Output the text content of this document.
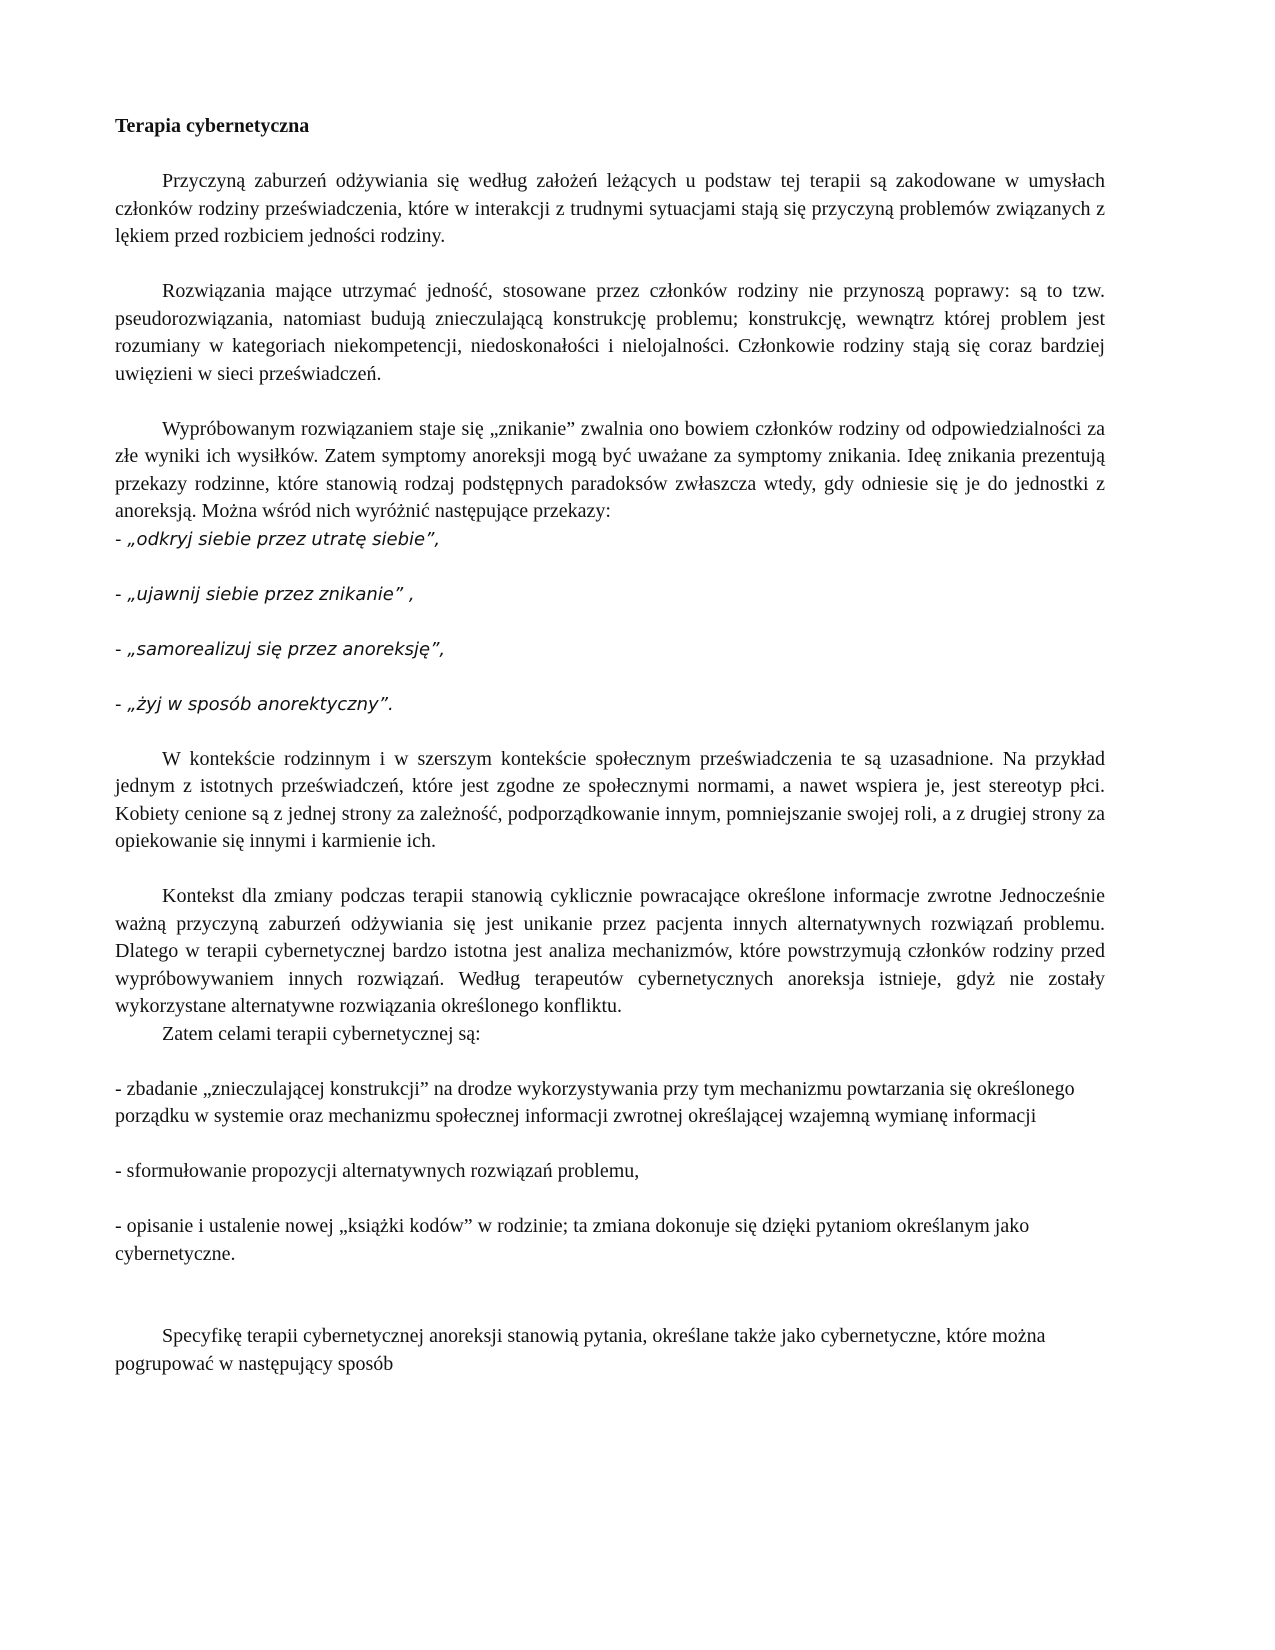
Terapia cybernetyczna

Przyczyną zaburzeń odżywiania się według założeń leżących u podstaw tej terapii są zakodowane w umysłach członków rodziny przeświadczenia, które w interakcji z trudnymi sytuacjami stają się przyczyną problemów związanych z lękiem przed rozbiciem jedności rodziny.

Rozwiązania mające utrzymać jedność, stosowane przez członków rodziny nie przynoszą poprawy: są to tzw. pseudorozwiązania, natomiast budują znieczulającą konstrukcję problemu; konstrukcję, wewnątrz której problem jest rozumiany w kategoriach niekompetencji, niedoskonałości i nielojalności. Członkowie rodziny stają się coraz bardziej uwięzieni w sieci przeświadczeń.

Wypróbowanym rozwiązaniem staje się „znikanie” zwalnia ono bowiem członków rodziny od odpowiedzialności za złe wyniki ich wysiłków. Zatem symptomy anoreksji mogą być uważane za symptomy znikania. Ideę znikania prezentują przekazy rodzinne, które stanowią rodzaj podstępnych paradoksów zwłaszcza wtedy, gdy odniesie się je do jednostki z anoreksją. Można wśród nich wyróżnić następujące przekazy:

- „odkryj siebie przez utratę siebie”,
- „ujawnij siebie przez znikanie” ,
- „samorealizuj się przez anoreksję”,
- „żyj w sposób anorektyczny”.

W kontekście rodzinnym i w szerszym kontekście społecznym przeświadczenia te są uzasadnione. Na przykład jednym z istotnych przeświadczeń, które jest zgodne ze społecznymi normami, a nawet wspiera je, jest stereotyp płci. Kobiety cenione są z jednej strony za zależność, podporządkowanie innym, pomniejszanie swojej roli, a z drugiej strony za opiekowanie się innymi i karmienie ich.

Kontekst dla zmiany podczas terapii stanowią cyklicznie powracające określone informacje zwrotne Jednocześnie ważną przyczyną zaburzeń odżywiania się jest unikanie przez pacjenta innych alternatywnych rozwiązań problemu. Dlatego w terapii cybernetycznej bardzo istotna jest analiza mechanizmów, które powstrzymują członków rodziny przed wypróbowywaniem innych rozwiązań. Według terapeutów cybernetycznych anoreksja istnieje, gdyż nie zostały wykorzystane alternatywne rozwiązania określonego konfliktu.

Zatem celami terapii cybernetycznej są:

- zbadanie „znieczulającej konstrukcji” na drodze wykorzystywania przy tym mechanizmu powtarzania się określonego porządku w systemie oraz mechanizmu społecznej informacji zwrotnej określającej wzajemną wymianę informacji

- sformułowanie propozycji alternatywnych rozwiązań problemu,

- opisanie i ustalenie nowej „książki kodów” w rodzinie; ta zmiana dokonuje się dzięki pytaniom określanym jako cybernetyczne.

Specyfikę terapii cybernetycznej anoreksji stanowią pytania, określane także jako cybernetyczne, które można pogrupować w następujący sposób
